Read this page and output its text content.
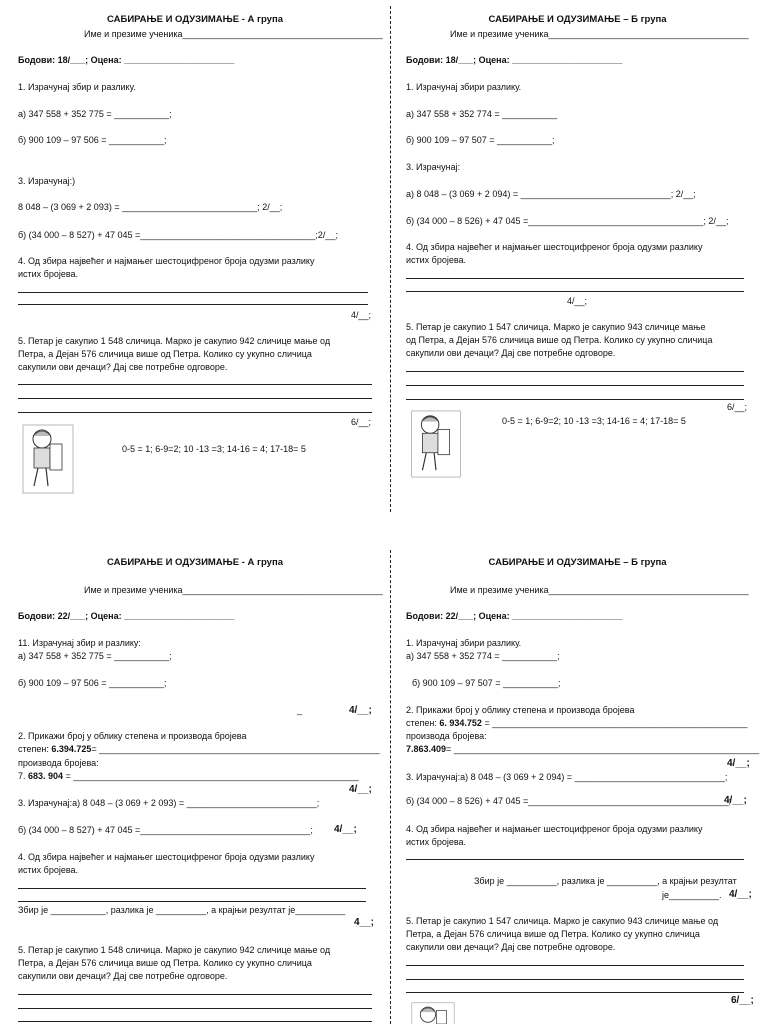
САБИРАЊЕ И ОДУЗИМАЊЕ - А група
Име и презиме ученика________________________________________
Бодови: 18/___; Оцена: ______________________
1. Израчунај збир и разлику.
а) 347 558 + 352 775 = ___________;
б) 900 109 – 97 506 = ___________;
3. Израчунај:)
8 048 – (3 069 + 2 093) = ___________________________; 2/__;
б) (34 000 – 8 527) + 47 045 =___________________________________;2/__;
4. Од збира највећег и најмањег шестоцифреног броја одузми разлику
истих бројева.
4/__;
5. Петар је сакупио 1 548 сличица. Марко је сакупио 942 сличице мање од
Петра, а Дејан 576 сличица више од Петра. Колико су укупно сличица
сакупили ови дечаци? Дај све потребне одговоре.
6/__;
0-5 = 1; 6-9=2; 10 -13 =3; 14-16 = 4; 17-18= 5
САБИРАЊЕ И ОДУЗИМАЊЕ – Б група
Име и презиме ученика________________________________________
Бодови: 18/___; Оцена: ______________________
1. Израчунај збири разлику.
а) 347 558 + 352 774 = ___________
б) 900 109 – 97 507 = ___________;
3. Израчунај:
а) 8 048 – (3 069 + 2 094) = ______________________________; 2/__;
б) (34 000 – 8 526) + 47 045 =___________________________________; 2/__;
4. Од збира највећег и најмањег шестоцифреног броја одузми разлику
истих бројева.
4/__;
5. Петар је сакупио 1 547 сличица. Марко је сакупио 943 сличице мање
од Петра, а Дејан 576 сличица више од Петра. Колико су укупно сличица
сакупили ови дечаци? Дај све потребне одговоре.
6/__;
0-5 = 1; 6-9=2; 10 -13 =3; 14-16 = 4; 17-18= 5
САБИРАЊЕ И ОДУЗИМАЊЕ - А група
Име и презиме ученика________________________________________
Бодови: 22/___; Оцена: ______________________
11. Израчунај збир и разлику:
а) 347 558 + 352 775 = ___________;
б) 900 109 – 97 506 = ___________;
_	4/__;
2. Прикажи број у облику степена и производа бројева
степен: 6.394.725= ________________________________________________________
производа бројева:
7. 683. 904 = _________________________________________________________
4/__;
3. Израчунај:а) 8 048 – (3 069 + 2 093) = __________________________;
б) (34 000 – 8 527) + 47 045 =__________________________________; 4/__;
4. Од збира највећег и најмањег шестоцифреног броја одузми разлику
истих бројева.
Збир је ___________, разлика је __________, а крајњи резултат је__________
4__;
5. Петар је сакупио 1 548 сличица. Марко је сакупио 942 сличице мање од
Петра, а Дејан 576 сличица више од Петра. Колико су укупно сличица
сакупили ови дечаци? Дај све потребне одговоре.
САБИРАЊЕ И ОДУЗИМАЊЕ – Б група
Име и презиме ученика________________________________________
Бодови: 22/___; Оцена: ______________________
1. Израчунај збири разлику.
а) 347 558 + 352 774 = ___________;
б) 900 109 – 97 507 = ___________;
2. Прикажи број у облику степена и производа бројева
степен: 6. 934.752 = ___________________________________________________
производа бројева:
7.863.409= _____________________________________________________________
4/__;
3. Израчунај:а) 8 048 – (3 069 + 2 094) = ______________________________;
б) (34 000 – 8 526) + 47 045 =________________________________________;
4/__;
4. Од збира највећег и најмањег шестоцифреног броја одузми разлику
истих бројева.
Збир је __________, разлика је __________, а крајњи резултат
је__________. 4/__;
5. Петар је сакупио 1 547 сличица. Марко је сакупио 943 сличице мање од
Петра, а Дејан 576 сличица више од Петра. Колико су укупно сличица
сакупили ови дечаци? Дај све потребне одговоре.
6/__;
